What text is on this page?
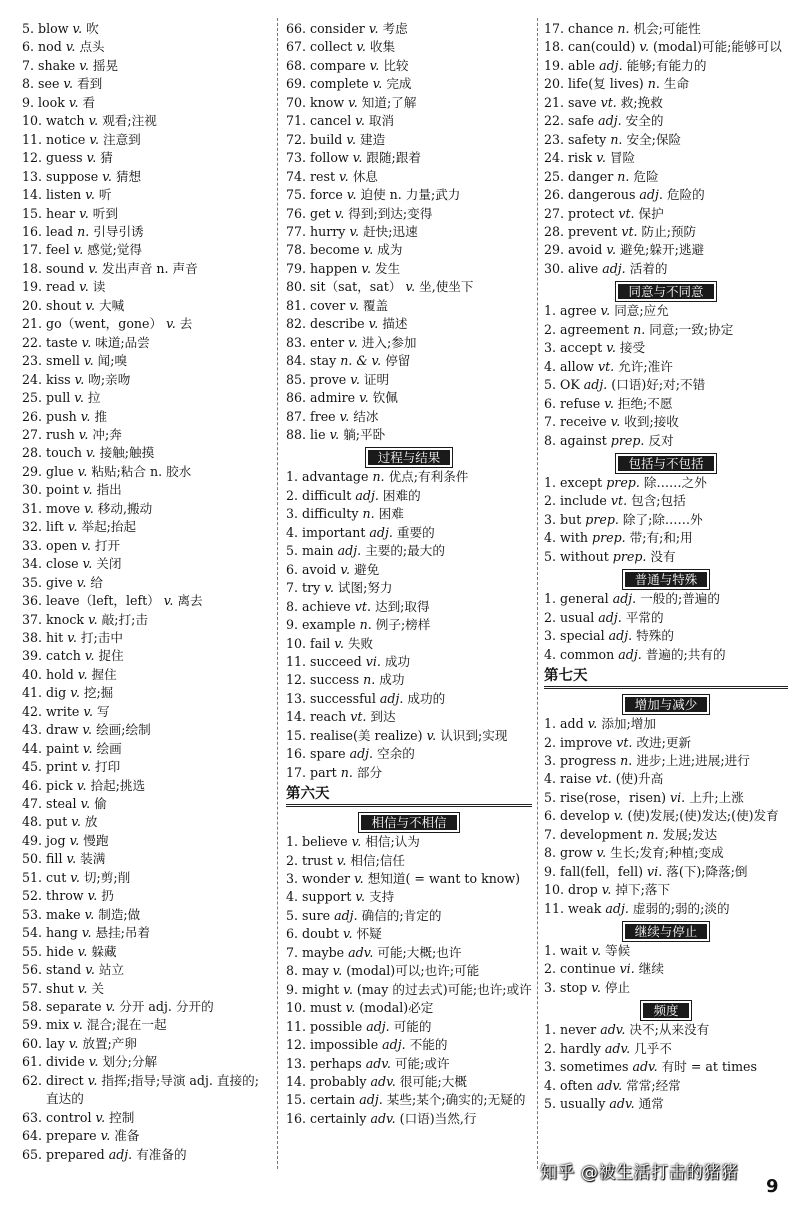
5. blow v. 吹
6. nod v. 点头
7. shake v. 摇晃
8. see v. 看到
9. look v. 看
10. watch v. 观看;注视
11. notice v. 注意到
12. guess v. 猜
13. suppose v. 猜想
14. listen v. 听
15. hear v. 听到
16. lead n. 引导引诱
17. feel v. 感觉;觉得
18. sound v. 发出声音 n. 声音
19. read v. 读
20. shout v. 大喊
21. go（went，gone） v. 去
22. taste v. 味道;品尝
23. smell v. 闻;嗅
24. kiss v. 吻;亲吻
25. pull v. 拉
26. push v. 推
27. rush v. 冲;奔
28. touch v. 接触;触摸
29. glue v. 粘贴;粘合 n. 胶水
30. point v. 指出
31. move v. 移动,搬动
32. lift v. 举起;抬起
33. open v. 打开
34. close v. 关闭
35. give v. 给
36. leave（left，left） v. 离去
37. knock v. 敲;打;击
38. hit v. 打;击中
39. catch v. 捉住
40. hold v. 握住
41. dig v. 挖;掘
42. write v. 写
43. draw v. 绘画;绘制
44. paint v. 绘画
45. print v. 打印
46. pick v. 拾起;挑选
47. steal v. 偷
48. put v. 放
49. jog v. 慢跑
50. fill v. 装满
51. cut v. 切;剪;削
52. throw v. 扔
53. make v. 制造;做
54. hang v. 悬挂;吊着
55. hide v. 躲藏
56. stand v. 站立
57. shut v. 关
58. separate v. 分开 adj. 分开的
59. mix v. 混合;混在一起
60. lay v. 放置;产卵
61. divide v. 划分;分解
62. direct v. 指挥;指导;导演 adj. 直接的;直达的
63. control v. 控制
64. prepare v. 准备
65. prepared adj. 有准备的
66. consider v. 考虑
67. collect v. 收集
68. compare v. 比较
69. complete v. 完成
70. know v. 知道;了解
71. cancel v. 取消
72. build v. 建造
73. follow v. 跟随;跟着
74. rest v. 休息
75. force v. 迫使 n. 力量;武力
76. get v. 得到;到达;变得
77. hurry v. 赶快;迅速
78. become v. 成为
79. happen v. 发生
80. sit（sat，sat） v. 坐,使坐下
81. cover v. 覆盖
82. describe v. 描述
83. enter v. 进入;参加
84. stay n. & v. 停留
85. prove v. 证明
86. admire v. 钦佩
87. free v. 结冰
88. lie v. 躺;平卧
过程与结果
1. advantage n. 优点;有利条件
2. difficult adj. 困难的
3. difficulty n. 困难
4. important adj. 重要的
5. main adj. 主要的;最大的
6. avoid v. 避免
7. try v. 试图;努力
8. achieve vt. 达到;取得
9. example n. 例子;榜样
10. fail v. 失败
11. succeed vi. 成功
12. success n. 成功
13. successful adj. 成功的
14. reach vt. 到达
15. realise(美 realize) v. 认识到;实现
16. spare adj. 空余的
17. part n. 部分
第六天
相信与不相信
1. believe v. 相信;认为
2. trust v. 相信;信任
3. wonder v. 想知道( = want to know)
4. support v. 支持
5. sure adj. 确信的;肯定的
6. doubt v. 怀疑
7. maybe adv. 可能;大概;也许
8. may v. (modal)可以;也许;可能
9. might v. (may 的过去式)可能;也许;或许
10. must v. (modal)必定
11. possible adj. 可能的
12. impossible adj. 不能的
13. perhaps adv. 可能;或许
14. probably adv. 很可能;大概
15. certain adj. 某些;某个;确实的;无疑的
16. certainly adv. (口语)当然,行
17. chance n. 机会;可能性
18. can(could) v. (modal)可能;能够可以
19. able adj. 能够;有能力的
20. life(复 lives) n. 生命
21. save vt. 救;挽救
22. safe adj. 安全的
23. safety n. 安全;保险
24. risk v. 冒险
25. danger n. 危险
26. dangerous adj. 危险的
27. protect vt. 保护
28. prevent vt. 防止;预防
29. avoid v. 避免;躲开;逃避
30. alive adj. 活着的
同意与不同意
1. agree v. 同意;应允
2. agreement n. 同意;一致;协定
3. accept v. 接受
4. allow vt. 允许;准许
5. OK adj. (口语)好;对;不错
6. refuse v. 拒绝;不愿
7. receive v. 收到;接收
8. against prep. 反对
包括与不包括
1. except prep. 除……之外
2. include vt. 包含;包括
3. but prep. 除了;除……外
4. with prep. 带;有;和;用
5. without prep. 没有
普通与特殊
1. general adj. 一般的;普遍的
2. usual adj. 平常的
3. special adj. 特殊的
4. common adj. 普遍的;共有的
第七天
增加与减少
1. add v. 添加;增加
2. improve vt. 改进;更新
3. progress n. 进步;上进;进展;进行
4. raise vt. (使)升高
5. rise(rose，risen) vi. 上升;上涨
6. develop v. (使)发展;(使)发达;(使)发育
7. development n. 发展;发达
8. grow v. 生长;发育;种植;变成
9. fall(fell，fell) vi. 落(下);降落;倒
10. drop v. 掉下;落下
11. weak adj. 虚弱的;弱的;淡的
继续与停止
1. wait v. 等候
2. continue vi. 继续
3. stop v. 停止
频度
1. never adv. 决不;从来没有
2. hardly adv. 几乎不
3. sometimes adv. 有时 = at times
4. often adv. 常常;经常
5. usually adv. 通常
知乎 @被生活打击的猪猪
9
